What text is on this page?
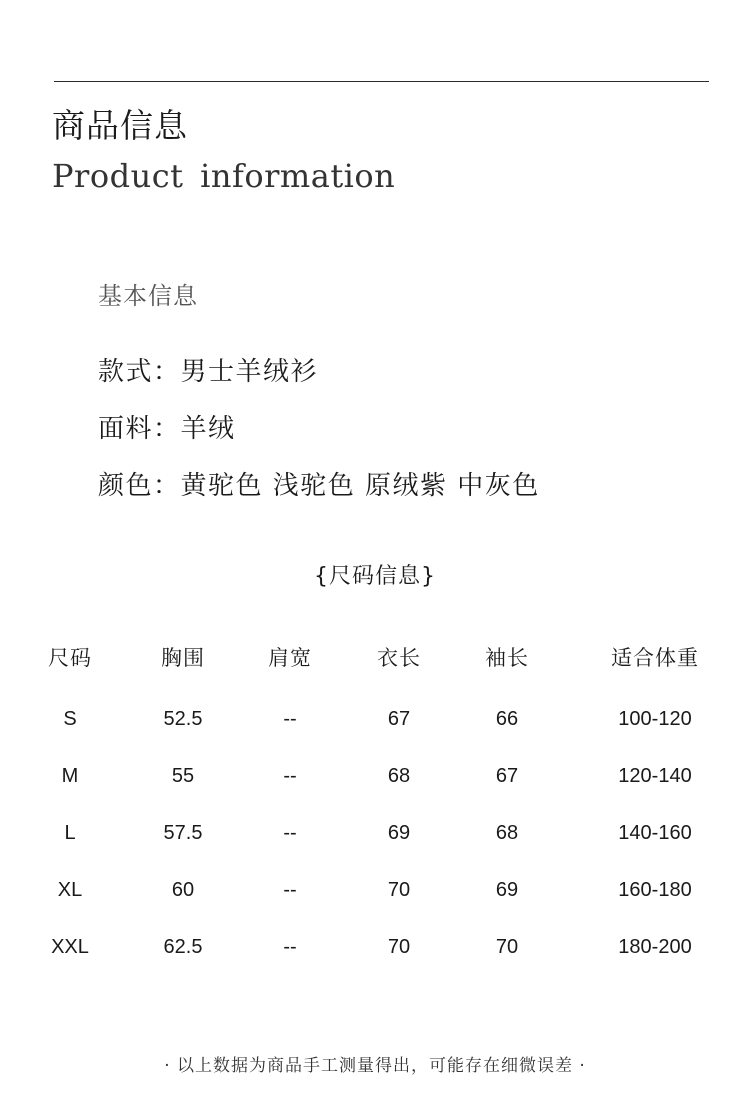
商品信息
Product information
基本信息
款式：男士羊绒衫
面料：羊绒
颜色：黄驼色 浅驼色 原绒紫 中灰色
{尺码信息}
尺码	胸围	肩宽	衣长	袖长	适合体重
S	52.5	--	67	66	100-120
M	55	--	68	67	120-140
L	57.5	--	69	68	140-160
XL	60	--	70	69	160-180
XXL	62.5	--	70	70	180-200
· 以上数据为商品手工测量得出，可能存在细微误差 ·
